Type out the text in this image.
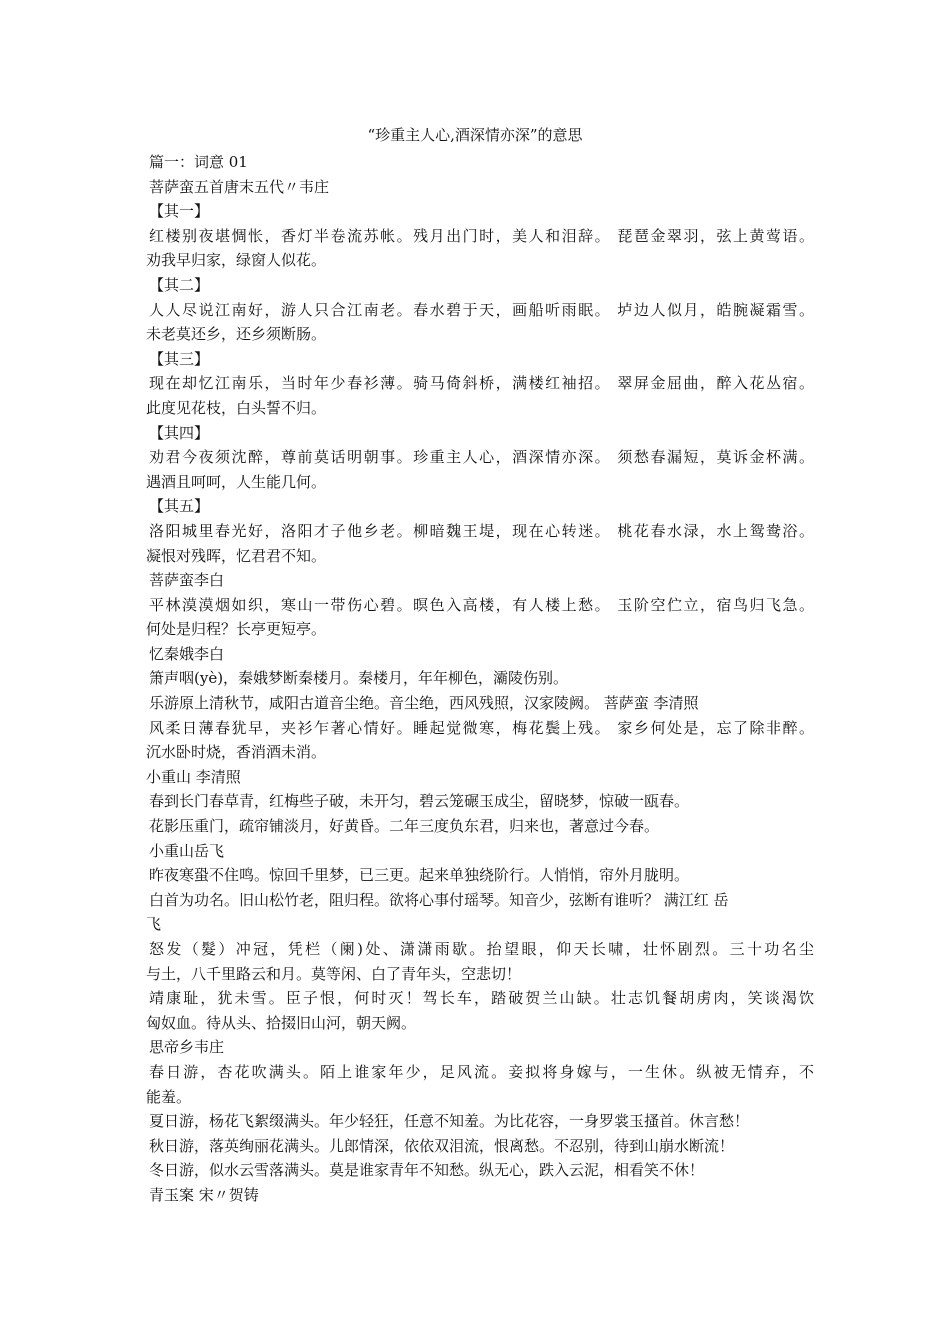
“珍重主人心,酒深情亦深”的意思
篇一：词意 01
菩萨蛮五首唐末五代〃韦庄
【其一】
红楼别夜堪惆怅，香灯半卷流苏帐。残月出门时，美人和泪辞。 琵琶金翠羽，弦上黄莺语。
劝我早归家，绿窗人似花。
【其二】
人人尽说江南好，游人只合江南老。春水碧于天，画船听雨眠。 垆边人似月，皓腕凝霜雪。
未老莫还乡，还乡须断肠。
【其三】
现在却忆江南乐，当时年少春衫薄。骑马倚斜桥，满楼红袖招。 翠屏金屈曲，醉入花丛宿。
此度见花枝，白头誓不归。
【其四】
劝君今夜须沈醉，尊前莫话明朝事。珍重主人心，酒深情亦深。 须愁春漏短，莫诉金杯满。
遇酒且呵呵，人生能几何。
【其五】
洛阳城里春光好，洛阳才子他乡老。柳暗魏王堤，现在心转迷。 桃花春水渌，水上鸳鸯浴。
凝恨对残晖，忆君君不知。
菩萨蛮李白
平林漠漠烟如织，寒山一带伤心碧。暝色入高楼，有人楼上愁。 玉阶空伫立，宿鸟归飞急。
何处是归程？长亭更短亭。
忆秦娥李白
箫声咽(yè)，秦娥梦断秦楼月。秦楼月，年年柳色，灞陵伤别。
乐游原上清秋节，咸阳古道音尘绝。音尘绝，西风残照，汉家陵阙。 菩萨蛮 李清照
风柔日薄春犹早，夹衫乍著心情好。睡起觉微寒，梅花鬓上残。 家乡何处是，忘了除非醉。
沉水卧时烧，香消酒未消。
小重山 李清照
春到长门春草青，红梅些子破，未开匀，碧云笼碾玉成尘，留晓梦，惊破一瓯春。
花影压重门，疏帘铺淡月，好黄昏。二年三度负东君，归来也，著意过今春。
小重山岳飞
昨夜寒蛩不住鸣。惊回千里梦，已三更。起来单独绕阶行。人悄悄，帘外月胧明。
白首为功名。旧山松竹老，阻归程。欲将心事付瑶琴。知音少，弦断有谁听？ 满江红 岳
飞
怒发（髮）冲冠，凭栏（阑)处、潇潇雨歇。抬望眼，仰天长啸，壮怀剧烈。三十功名尘
与土，八千里路云和月。莫等闲、白了青年头，空悲切！
靖康耻，犹未雪。臣子恨，何时灭！驾长车，踏破贺兰山缺。壮志饥餐胡虏肉，笑谈渴饮
匈奴血。待从头、拾掇旧山河，朝天阙。
思帝乡韦庄
春日游，杏花吹满头。陌上谁家年少，足风流。妾拟将身嫁与，一生休。纵被无情弃，不
能羞。
夏日游，杨花飞絮缀满头。年少轻狂，任意不知羞。为比花容，一身罗裳玉搔首。休言愁！
秋日游，落英绚丽花满头。儿郎情深，依依双泪流，恨离愁。不忍别，待到山崩水断流！
冬日游，似水云雪落满头。莫是谁家青年不知愁。纵无心，跌入云泥，相看笑不休！
青玉案 宋〃贺铸
